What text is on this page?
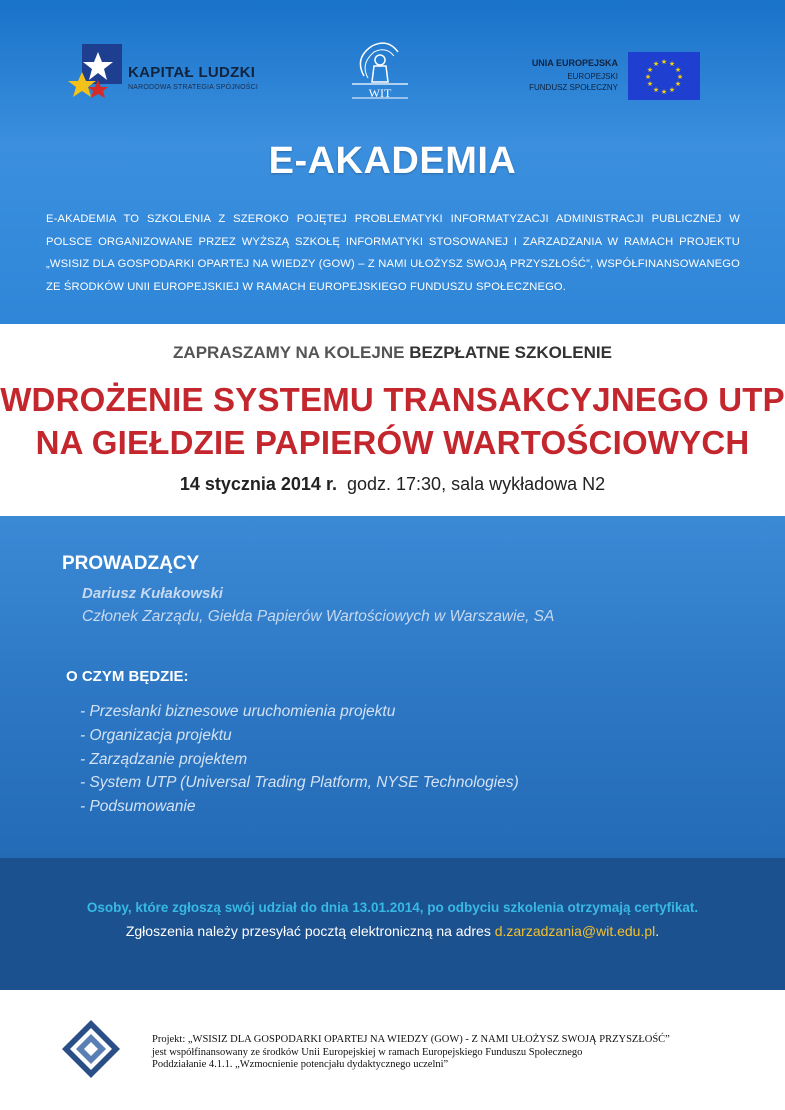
KAPITAŁ LUDZKI
NARODOWA STRATEGIA SPÓJNOŚCI	WIT
UNIA EUROPEJSKA
EUROPEJSKI
FUNDUSZ SPOŁECZNY
★ ★
★
★
★
★
★
★
★
★
★
★
E-AKADEMIA
E-AKADEMIA TO SZKOLENIA Z SZEROKO POJĘTEJ PROBLEMATYKI INFORMATYZACJI ADMINISTRACJI PUBLICZNEJ W POLSCE ORGANIZOWANE PRZEZ WYŻSZĄ SZKOŁĘ INFORMATYKI STOSOWANEJ I ZARZADZANIA W RAMACH PROJEKTU „WSISIZ DLA GOSPODARKI OPARTEJ NA WIEDZY (GOW) – Z NAMI UŁOŻYSZ SWOJĄ PRZYSZŁOŚĆ”, WSPÓŁFINANSOWANEGO ZE ŚRODKÓW UNII EUROPEJSKIEJ W RAMACH EUROPEJSKIEGO FUNDUSZU SPOŁECZNEGO.
ZAPRASZAMY NA KOLEJNE BEZPŁATNE SZKOLENIE
WDROŻENIE SYSTEMU TRANSAKCYJNEGO UTP
NA GIEŁDZIE PAPIERÓW WARTOŚCIOWYCH
14 stycznia 2014 r. godz. 17:30, sala wykładowa N2
PROWADZĄCY
Dariusz Kułakowski
Członek Zarządu, Giełda Papierów Wartościowych w Warszawie, SA
O CZYM BĘDZIE:
- Przesłanki biznesowe uruchomienia projektu
- Organizacja projektu
- Zarządzanie projektem
- System UTP (Universal Trading Platform, NYSE Technologies)
- Podsumowanie
Osoby, które zgłoszą swój udział do dnia 13.01.2014, po odbyciu szkolenia otrzymają certyfikat.
Zgłoszenia należy przesyłać pocztą elektroniczną na adres d.zarzadzania@wit.edu.pl.
Projekt: „WSISIZ DLA GOSPODARKI OPARTEJ NA WIEDZY (GOW) - Z NAMI UŁOŻYSZ SWOJĄ PRZYSZŁOŚĆ”
jest współfinansowany ze środków Unii Europejskiej w ramach Europejskiego Funduszu Społecznego
Poddziałanie 4.1.1. „Wzmocnienie potencjału dydaktycznego uczelni”
